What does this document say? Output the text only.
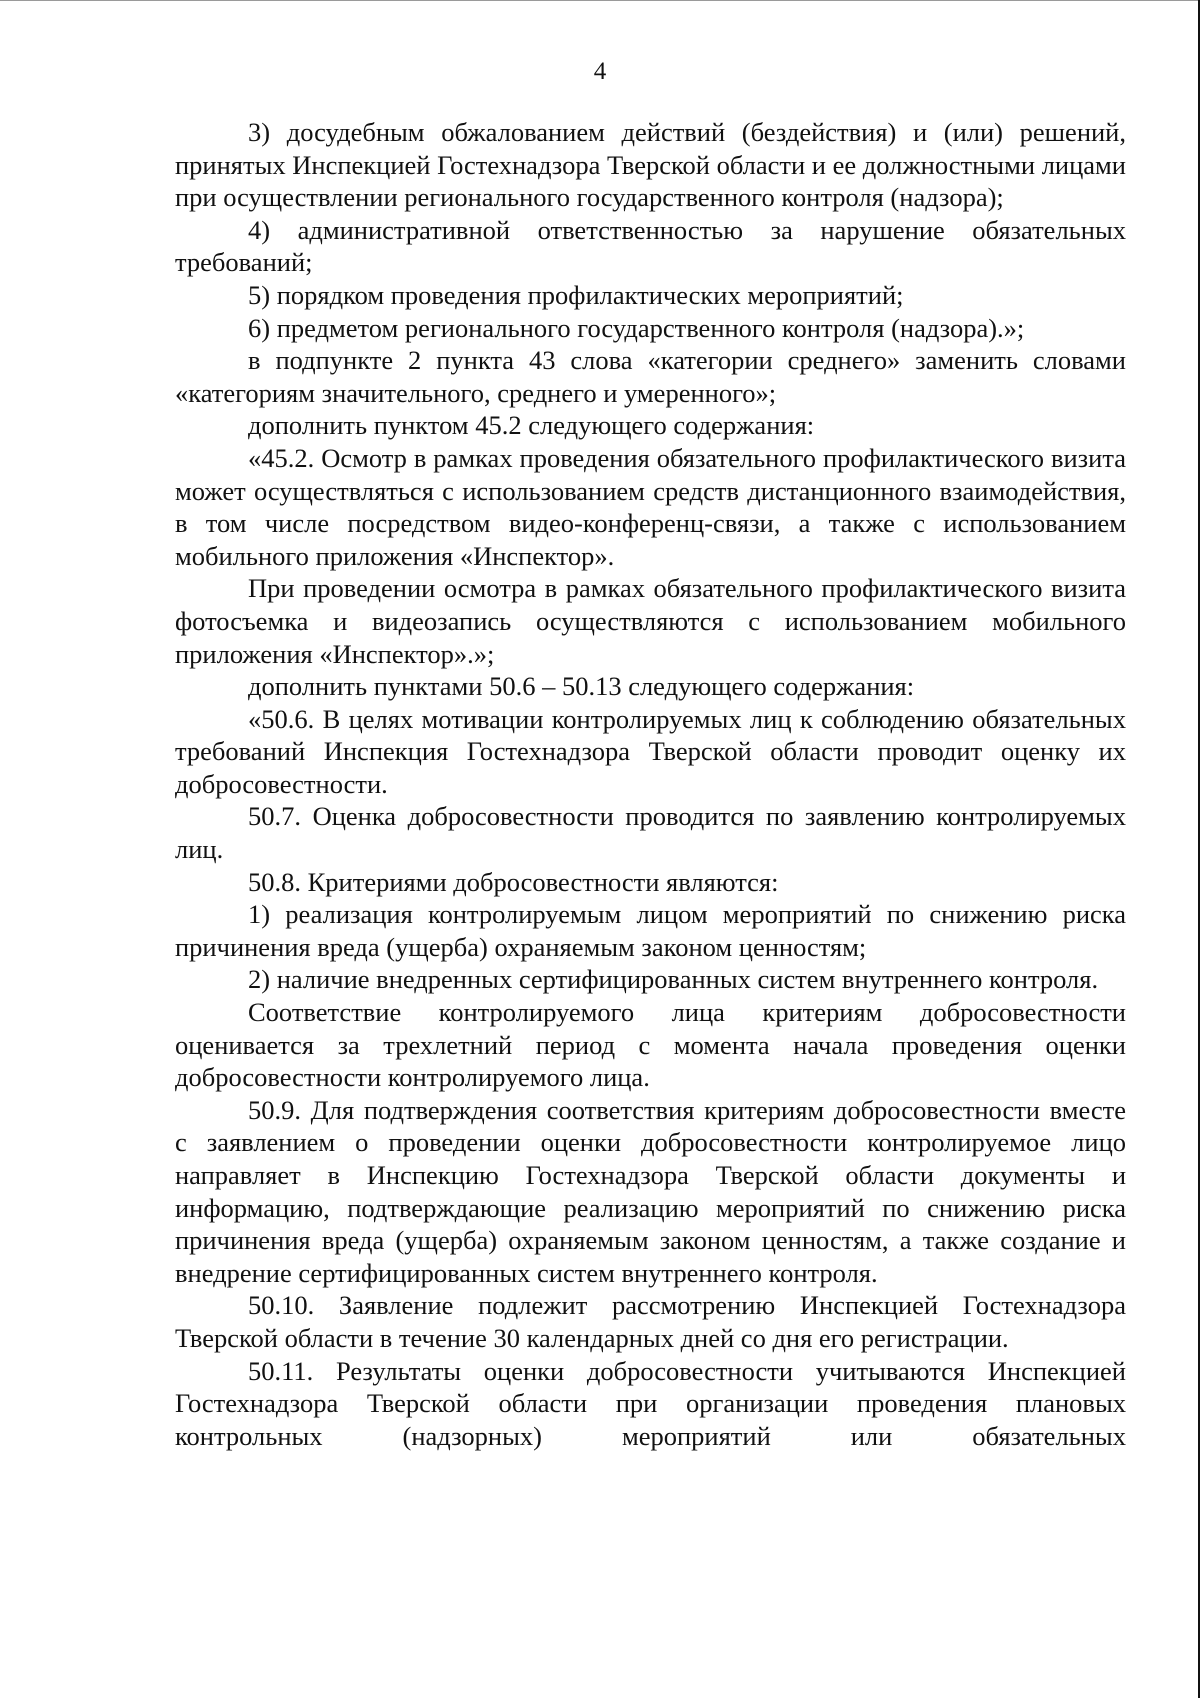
4

3) досудебным обжалованием действий (бездействия) и (или) решений, принятых Инспекцией Гостехнадзора Тверской области и ее должностными лицами при осуществлении регионального государственного контроля (надзора);

4) административной ответственностью за нарушение обязательных требований;

5) порядком проведения профилактических мероприятий;

6) предметом регионального государственного контроля (надзора).»;

в подпункте 2 пункта 43 слова «категории среднего» заменить словами «категориям значительного, среднего и умеренного»;

дополнить пунктом 45.2 следующего содержания:

«45.2. Осмотр в рамках проведения обязательного профилактического визита может осуществляться с использованием средств дистанционного взаимодействия, в том числе посредством видео-конференц-связи, а также с использованием мобильного приложения «Инспектор».

При проведении осмотра в рамках обязательного профилактического визита фотосъемка и видеозапись осуществляются с использованием мобильного приложения «Инспектор».»;

дополнить пунктами 50.6 – 50.13 следующего содержания:

«50.6. В целях мотивации контролируемых лиц к соблюдению обязательных требований Инспекция Гостехнадзора Тверской области проводит оценку их добросовестности.

50.7. Оценка добросовестности проводится по заявлению контролируемых лиц.

50.8. Критериями добросовестности являются:

1) реализация контролируемым лицом мероприятий по снижению риска причинения вреда (ущерба) охраняемым законом ценностям;

2) наличие внедренных сертифицированных систем внутреннего контроля.

Соответствие контролируемого лица критериям добросовестности оценивается за трехлетний период с момента начала проведения оценки добросовестности контролируемого лица.

50.9. Для подтверждения соответствия критериям добросовестности вместе с заявлением о проведении оценки добросовестности контролируемое лицо направляет в Инспекцию Гостехнадзора Тверской области документы и информацию, подтверждающие реализацию мероприятий по снижению риска причинения вреда (ущерба) охраняемым законом ценностям, а также создание и внедрение сертифицированных систем внутреннего контроля.

50.10. Заявление подлежит рассмотрению Инспекцией Гостехнадзора Тверской области в течение 30 календарных дней со дня его регистрации.

50.11. Результаты оценки добросовестности учитываются Инспекцией Гостехнадзора Тверской области при организации проведения плановых контрольных (надзорных) мероприятий или обязательных
